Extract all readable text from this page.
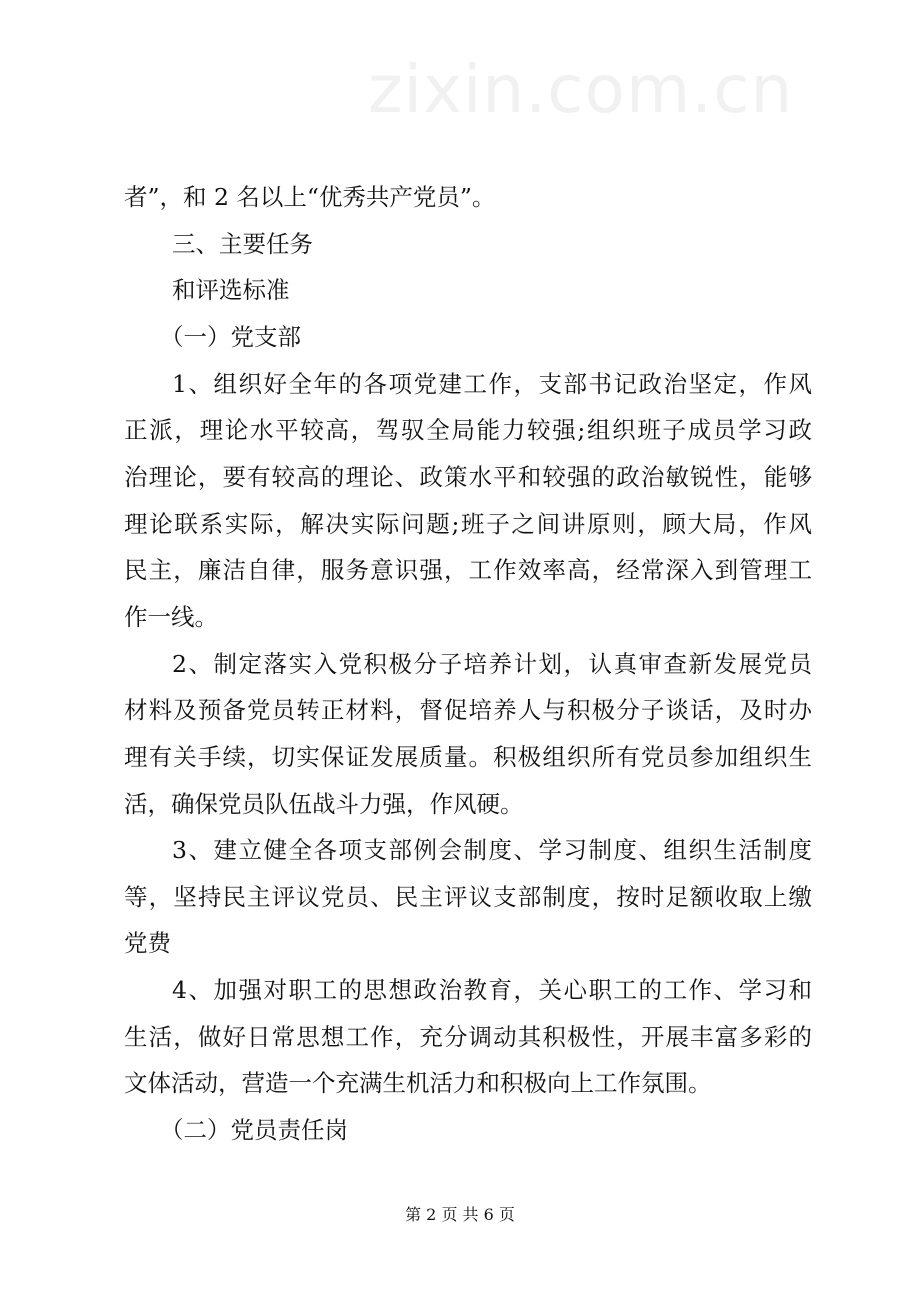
zixin.com.cn
者”，和 2 名以上“优秀共产党员”。
三、主要任务
和评选标准
（一）党支部
1、组织好全年的各项党建工作，支部书记政治坚定，作风
正派，理论水平较高，驾驭全局能力较强;组织班子成员学习政
治理论，要有较高的理论、政策水平和较强的政治敏锐性，能够
理论联系实际，解决实际问题;班子之间讲原则，顾大局，作风
民主，廉洁自律，服务意识强，工作效率高，经常深入到管理工
作一线。
2、制定落实入党积极分子培养计划，认真审查新发展党员
材料及预备党员转正材料，督促培养人与积极分子谈话，及时办
理有关手续，切实保证发展质量。积极组织所有党员参加组织生
活，确保党员队伍战斗力强，作风硬。
3、建立健全各项支部例会制度、学习制度、组织生活制度
等，坚持民主评议党员、民主评议支部制度，按时足额收取上缴
党费
4、加强对职工的思想政治教育，关心职工的工作、学习和
生活，做好日常思想工作，充分调动其积极性，开展丰富多彩的
文体活动，营造一个充满生机活力和积极向上工作氛围。
（二）党员责任岗
第 2 页 共 6 页
